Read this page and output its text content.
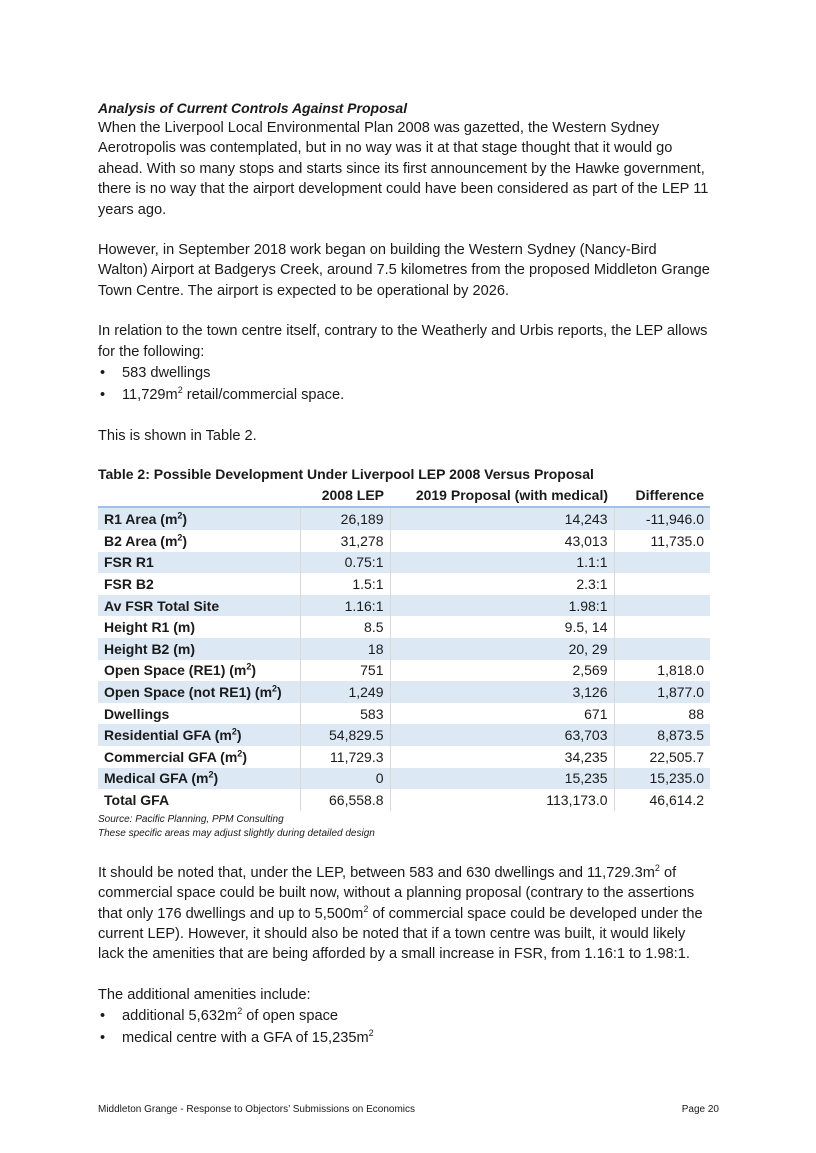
Analysis of Current Controls Against Proposal

When the Liverpool Local Environmental Plan 2008 was gazetted, the Western Sydney Aerotropolis was contemplated, but in no way was it at that stage thought that it would go ahead. With so many stops and starts since its first announcement by the Hawke government, there is no way that the airport development could have been considered as part of the LEP 11 years ago.

However, in September 2018 work began on building the Western Sydney (Nancy-Bird Walton) Airport at Badgerys Creek, around 7.5 kilometres from the proposed Middleton Grange Town Centre. The airport is expected to be operational by 2026.

In relation to the town centre itself, contrary to the Weatherly and Urbis reports, the LEP allows for the following:

• 583 dwellings
• $11,729m^2$ retail/commercial space.

This is shown in Table 2.

Table 2: Possible Development Under Liverpool LEP 2008 Versus Proposal
	2008 LEP	2019 Proposal (with medical)	Difference
R1 Area $(m^2)$	26,189	14,243	-11,946.0
B2 Area $(m^2)$	31,278	43,013	11,735.0
FSR R1	0.75:1	1.1:1	
FSR B2	1.5:1	2.3:1	
Av FSR Total Site	1.16:1	1.98:1	
Height R1 (m)	8.5	9.5, 14	
Height B2 (m)	18	20, 29	
Open Space (RE1) $(m^2)$	751	2,569	1,818.0
Open Space (not RE1) $(m^2)$	1,249	3,126	1,877.0
Dwellings	583	671	88
Residential GFA $(m^2)$	54,829.5	63,703	8,873.5
Commercial GFA $(m^2)$	11,729.3	34,235	22,505.7
Medical GFA $(m^2)$	0	15,235	15,235.0
Total GFA	66,558.8	113,173.0	46,614.2
Source: Pacific Planning, PPM Consulting
These specific areas may adjust slightly during detailed design

It should be noted that, under the LEP, between 583 and 630 dwellings and $11,729.3m^2$ of commercial space could be built now, without a planning proposal (contrary to the assertions that only 176 dwellings and up to $5,500m^2$ of commercial space could be developed under the current LEP). However, it should also be noted that if a town centre was built, it would likely lack the amenities that are being afforded by a small increase in FSR, from 1.16:1 to 1.98:1.

The additional amenities include:

• additional $5,632m^2$ of open space
• medical centre with a GFA of $15,235m^2$
Middleton Grange - Response to Objectors’ Submissions on Economics	Page 20
